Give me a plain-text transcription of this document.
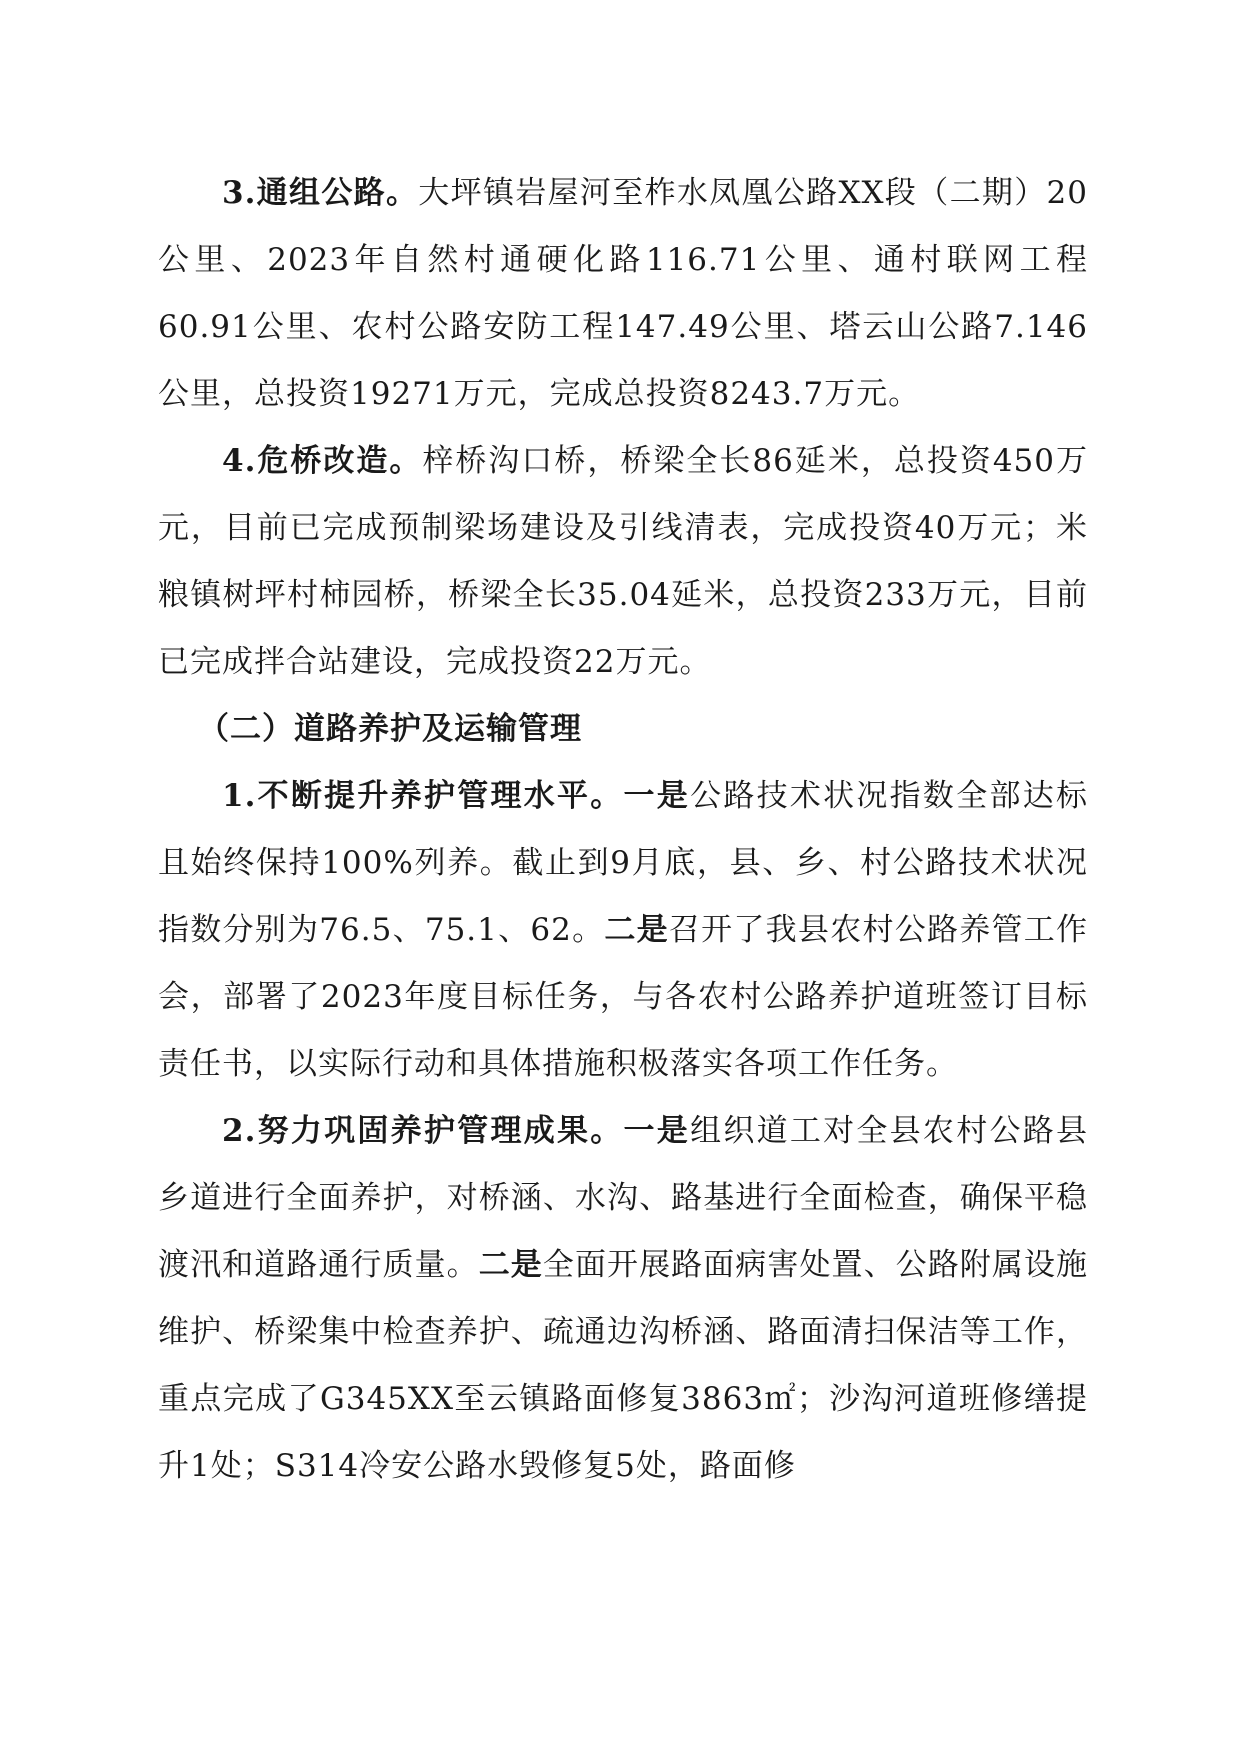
3.通组公路。大坪镇岩屋河至柞水凤凰公路XX段（二期）20公里、2023年自然村通硬化路116.71公里、通村联网工程60.91公里、农村公路安防工程147.49公里、塔云山公路7.146公里，总投资19271万元，完成总投资8243.7万元。

4.危桥改造。梓桥沟口桥，桥梁全长86延米，总投资450万元，目前已完成预制梁场建设及引线清表，完成投资40万元；米粮镇树坪村柿园桥，桥梁全长35.04延米，总投资233万元，目前已完成拌合站建设，完成投资22万元。

（二）道路养护及运输管理

1.不断提升养护管理水平。一是公路技术状况指数全部达标且始终保持100%列养。截止到9月底，县、乡、村公路技术状况指数分别为76.5、75.1、62。二是召开了我县农村公路养管工作会，部署了2023年度目标任务，与各农村公路养护道班签订目标责任书，以实际行动和具体措施积极落实各项工作任务。

2.努力巩固养护管理成果。一是组织道工对全县农村公路县乡道进行全面养护，对桥涵、水沟、路基进行全面检查，确保平稳渡汛和道路通行质量。二是全面开展路面病害处置、公路附属设施维护、桥梁集中检查养护、疏通边沟桥涵、路面清扫保洁等工作，重点完成了G345XX至云镇路面修复3863㎡；沙沟河道班修缮提升1处；S314冷安公路水毁修复5处，路面修
